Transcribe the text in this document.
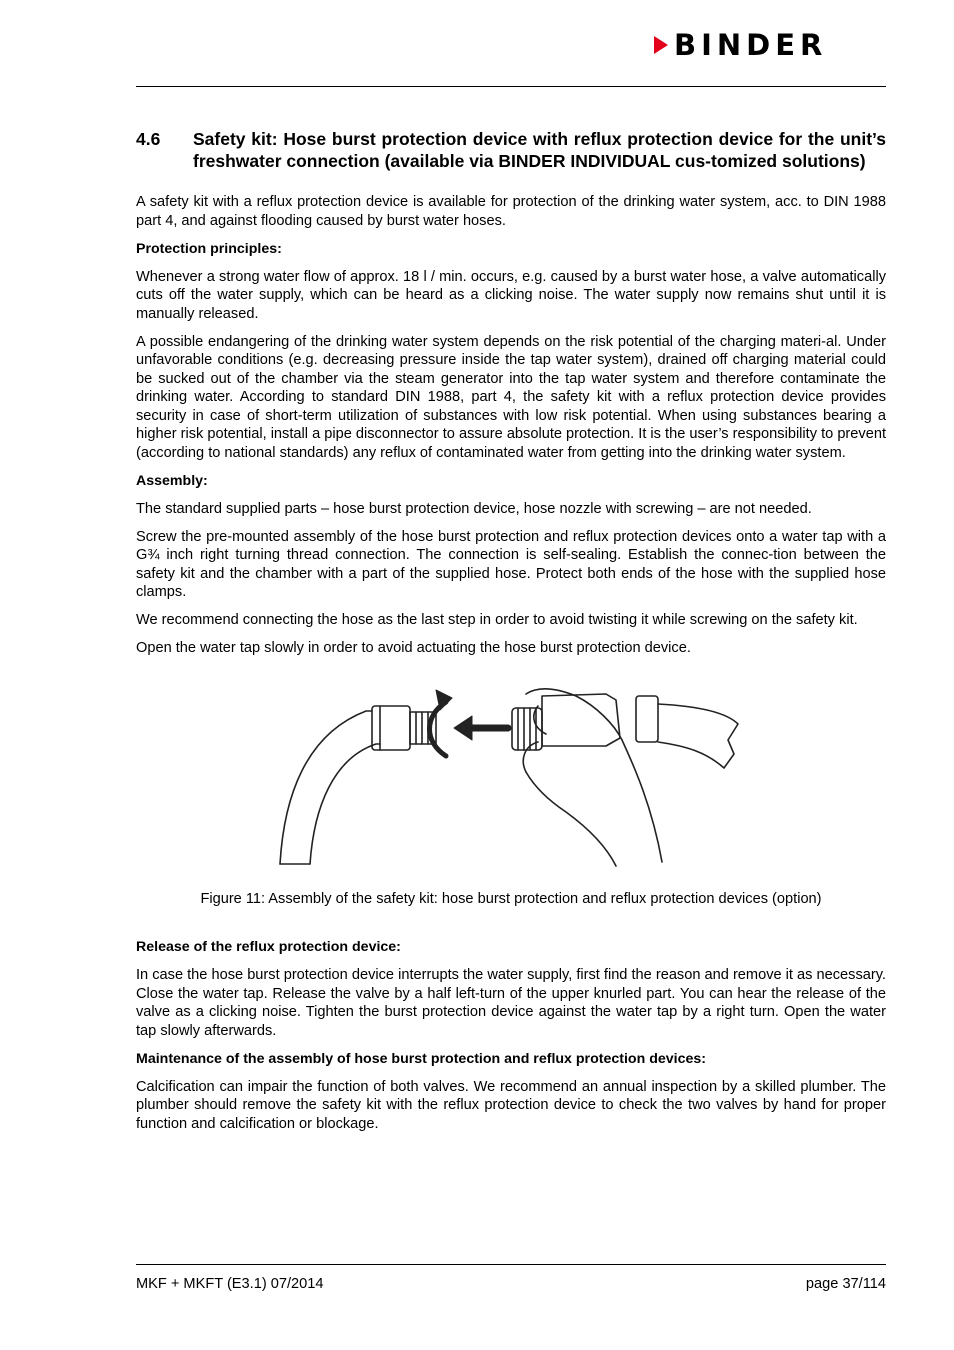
BINDER
4.6	Safety kit: Hose burst protection device with reflux protection device for the unit’s freshwater connection (available via BINDER INDIVIDUAL cus-tomized solutions)

A safety kit with a reflux protection device is available for protection of the drinking water system, acc. to DIN 1988 part 4, and against flooding caused by burst water hoses.

Protection principles:

Whenever a strong water flow of approx. 18 l / min. occurs, e.g. caused by a burst water hose, a valve automatically cuts off the water supply, which can be heard as a clicking noise. The water supply now remains shut until it is manually released.

A possible endangering of the drinking water system depends on the risk potential of the charging materi-al. Under unfavorable conditions (e.g. decreasing pressure inside the tap water system), drained off charging material could be sucked out of the chamber via the steam generator into the tap water system and therefore contaminate the drinking water. According to standard DIN 1988, part 4, the safety kit with a reflux protection device provides security in case of short-term utilization of substances with low risk potential. When using substances bearing a higher risk potential, install a pipe disconnector to assure absolute protection. It is the user’s responsibility to prevent (according to national standards) any reflux of contaminated water from getting into the drinking water system.

Assembly:

The standard supplied parts – hose burst protection device, hose nozzle with screwing – are not needed.

Screw the pre-mounted assembly of the hose burst protection and reflux protection devices onto a water tap with a G¾ inch right turning thread connection. The connection is self-sealing. Establish the connec-tion between the safety kit and the chamber with a part of the supplied hose. Protect both ends of the hose with the supplied hose clamps.

We recommend connecting the hose as the last step in order to avoid twisting it while screwing on the safety kit.

Open the water tap slowly in order to avoid actuating the hose burst protection device.

Figure 11: Assembly of the safety kit: hose burst protection and reflux protection devices (option)

Release of the reflux protection device:

In case the hose burst protection device interrupts the water supply, first find the reason and remove it as necessary. Close the water tap. Release the valve by a half left-turn of the upper knurled part. You can hear the release of the valve as a clicking noise. Tighten the burst protection device against the water tap by a right turn. Open the water tap slowly afterwards.

Maintenance of the assembly of hose burst protection and reflux protection devices:

Calcification can impair the function of both valves. We recommend an annual inspection by a skilled plumber. The plumber should remove the safety kit with the reflux protection device to check the two valves by hand for proper function and calcification or blockage.

MKF + MKFT (E3.1) 07/2014	page 37/114
